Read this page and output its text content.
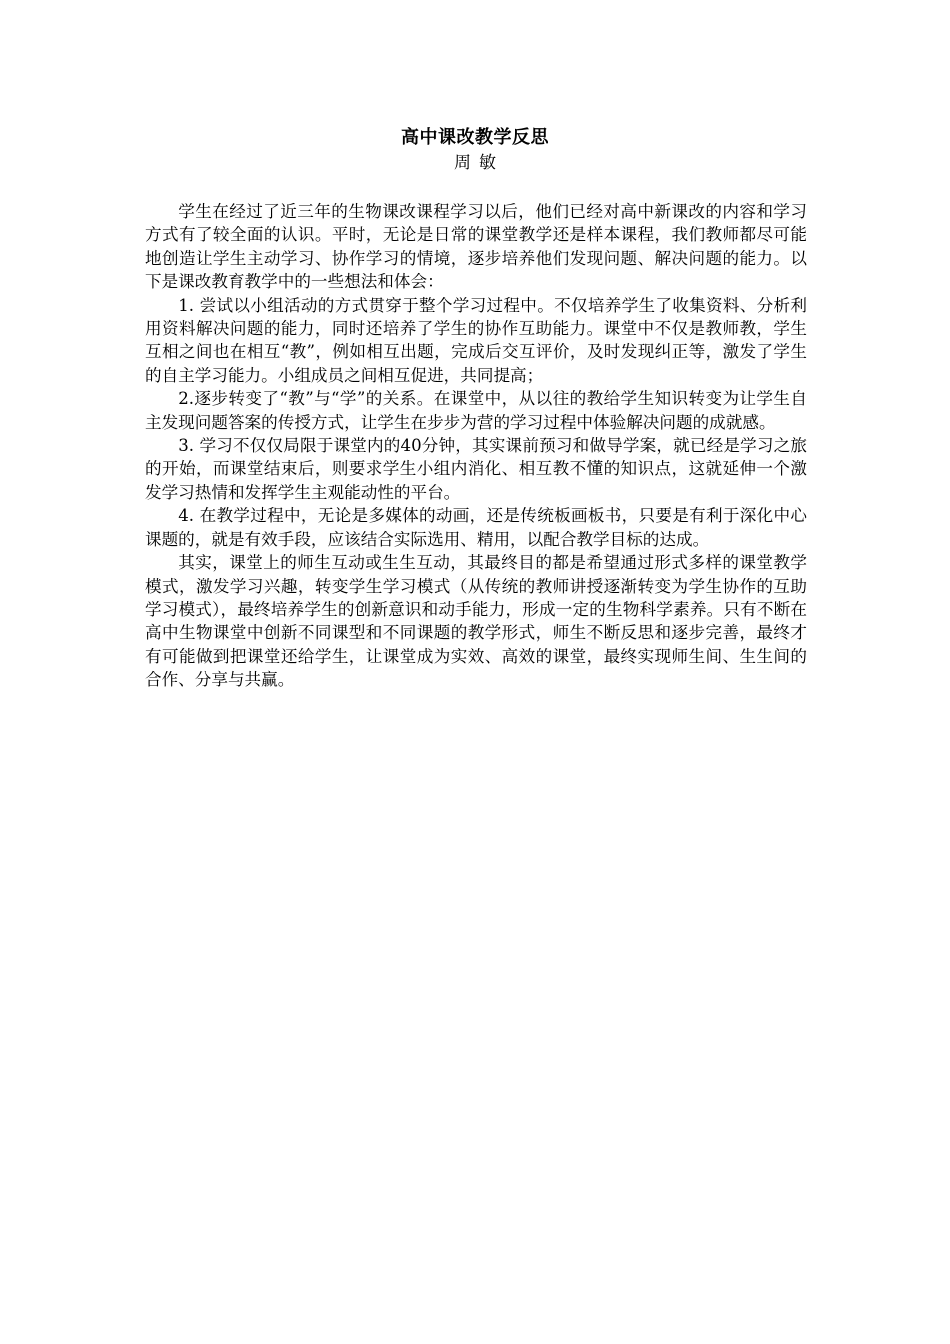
高中课改教学反思
周 敏

学生在经过了近三年的生物课改课程学习以后，他们已经对高中新课改的内容和学习方式有了较全面的认识。平时，无论是日常的课堂教学还是样本课程，我们教师都尽可能地创造让学生主动学习、协作学习的情境，逐步培养他们发现问题、解决问题的能力。以下是课改教育教学中的一些想法和体会：

1. 尝试以小组活动的方式贯穿于整个学习过程中。不仅培养学生了收集资料、分析利用资料解决问题的能力，同时还培养了学生的协作互助能力。课堂中不仅是教师教，学生互相之间也在相互“教”，例如相互出题，完成后交互评价，及时发现纠正等，激发了学生的自主学习能力。小组成员之间相互促进，共同提高；

2.逐步转变了“教”与“学”的关系。在课堂中，从以往的教给学生知识转变为让学生自主发现问题答案的传授方式，让学生在步步为营的学习过程中体验解决问题的成就感。

3. 学习不仅仅局限于课堂内的40分钟，其实课前预习和做导学案，就已经是学习之旅的开始，而课堂结束后，则要求学生小组内消化、相互教不懂的知识点，这就延伸一个激发学习热情和发挥学生主观能动性的平台。

4. 在教学过程中，无论是多媒体的动画，还是传统板画板书，只要是有利于深化中心课题的，就是有效手段，应该结合实际选用、精用，以配合教学目标的达成。

其实，课堂上的师生互动或生生互动，其最终目的都是希望通过形式多样的课堂教学模式，激发学习兴趣，转变学生学习模式（从传统的教师讲授逐渐转变为学生协作的互助学习模式），最终培养学生的创新意识和动手能力，形成一定的生物科学素养。只有不断在高中生物课堂中创新不同课型和不同课题的教学形式，师生不断反思和逐步完善，最终才有可能做到把课堂还给学生，让课堂成为实效、高效的课堂，最终实现师生间、生生间的合作、分享与共赢。
